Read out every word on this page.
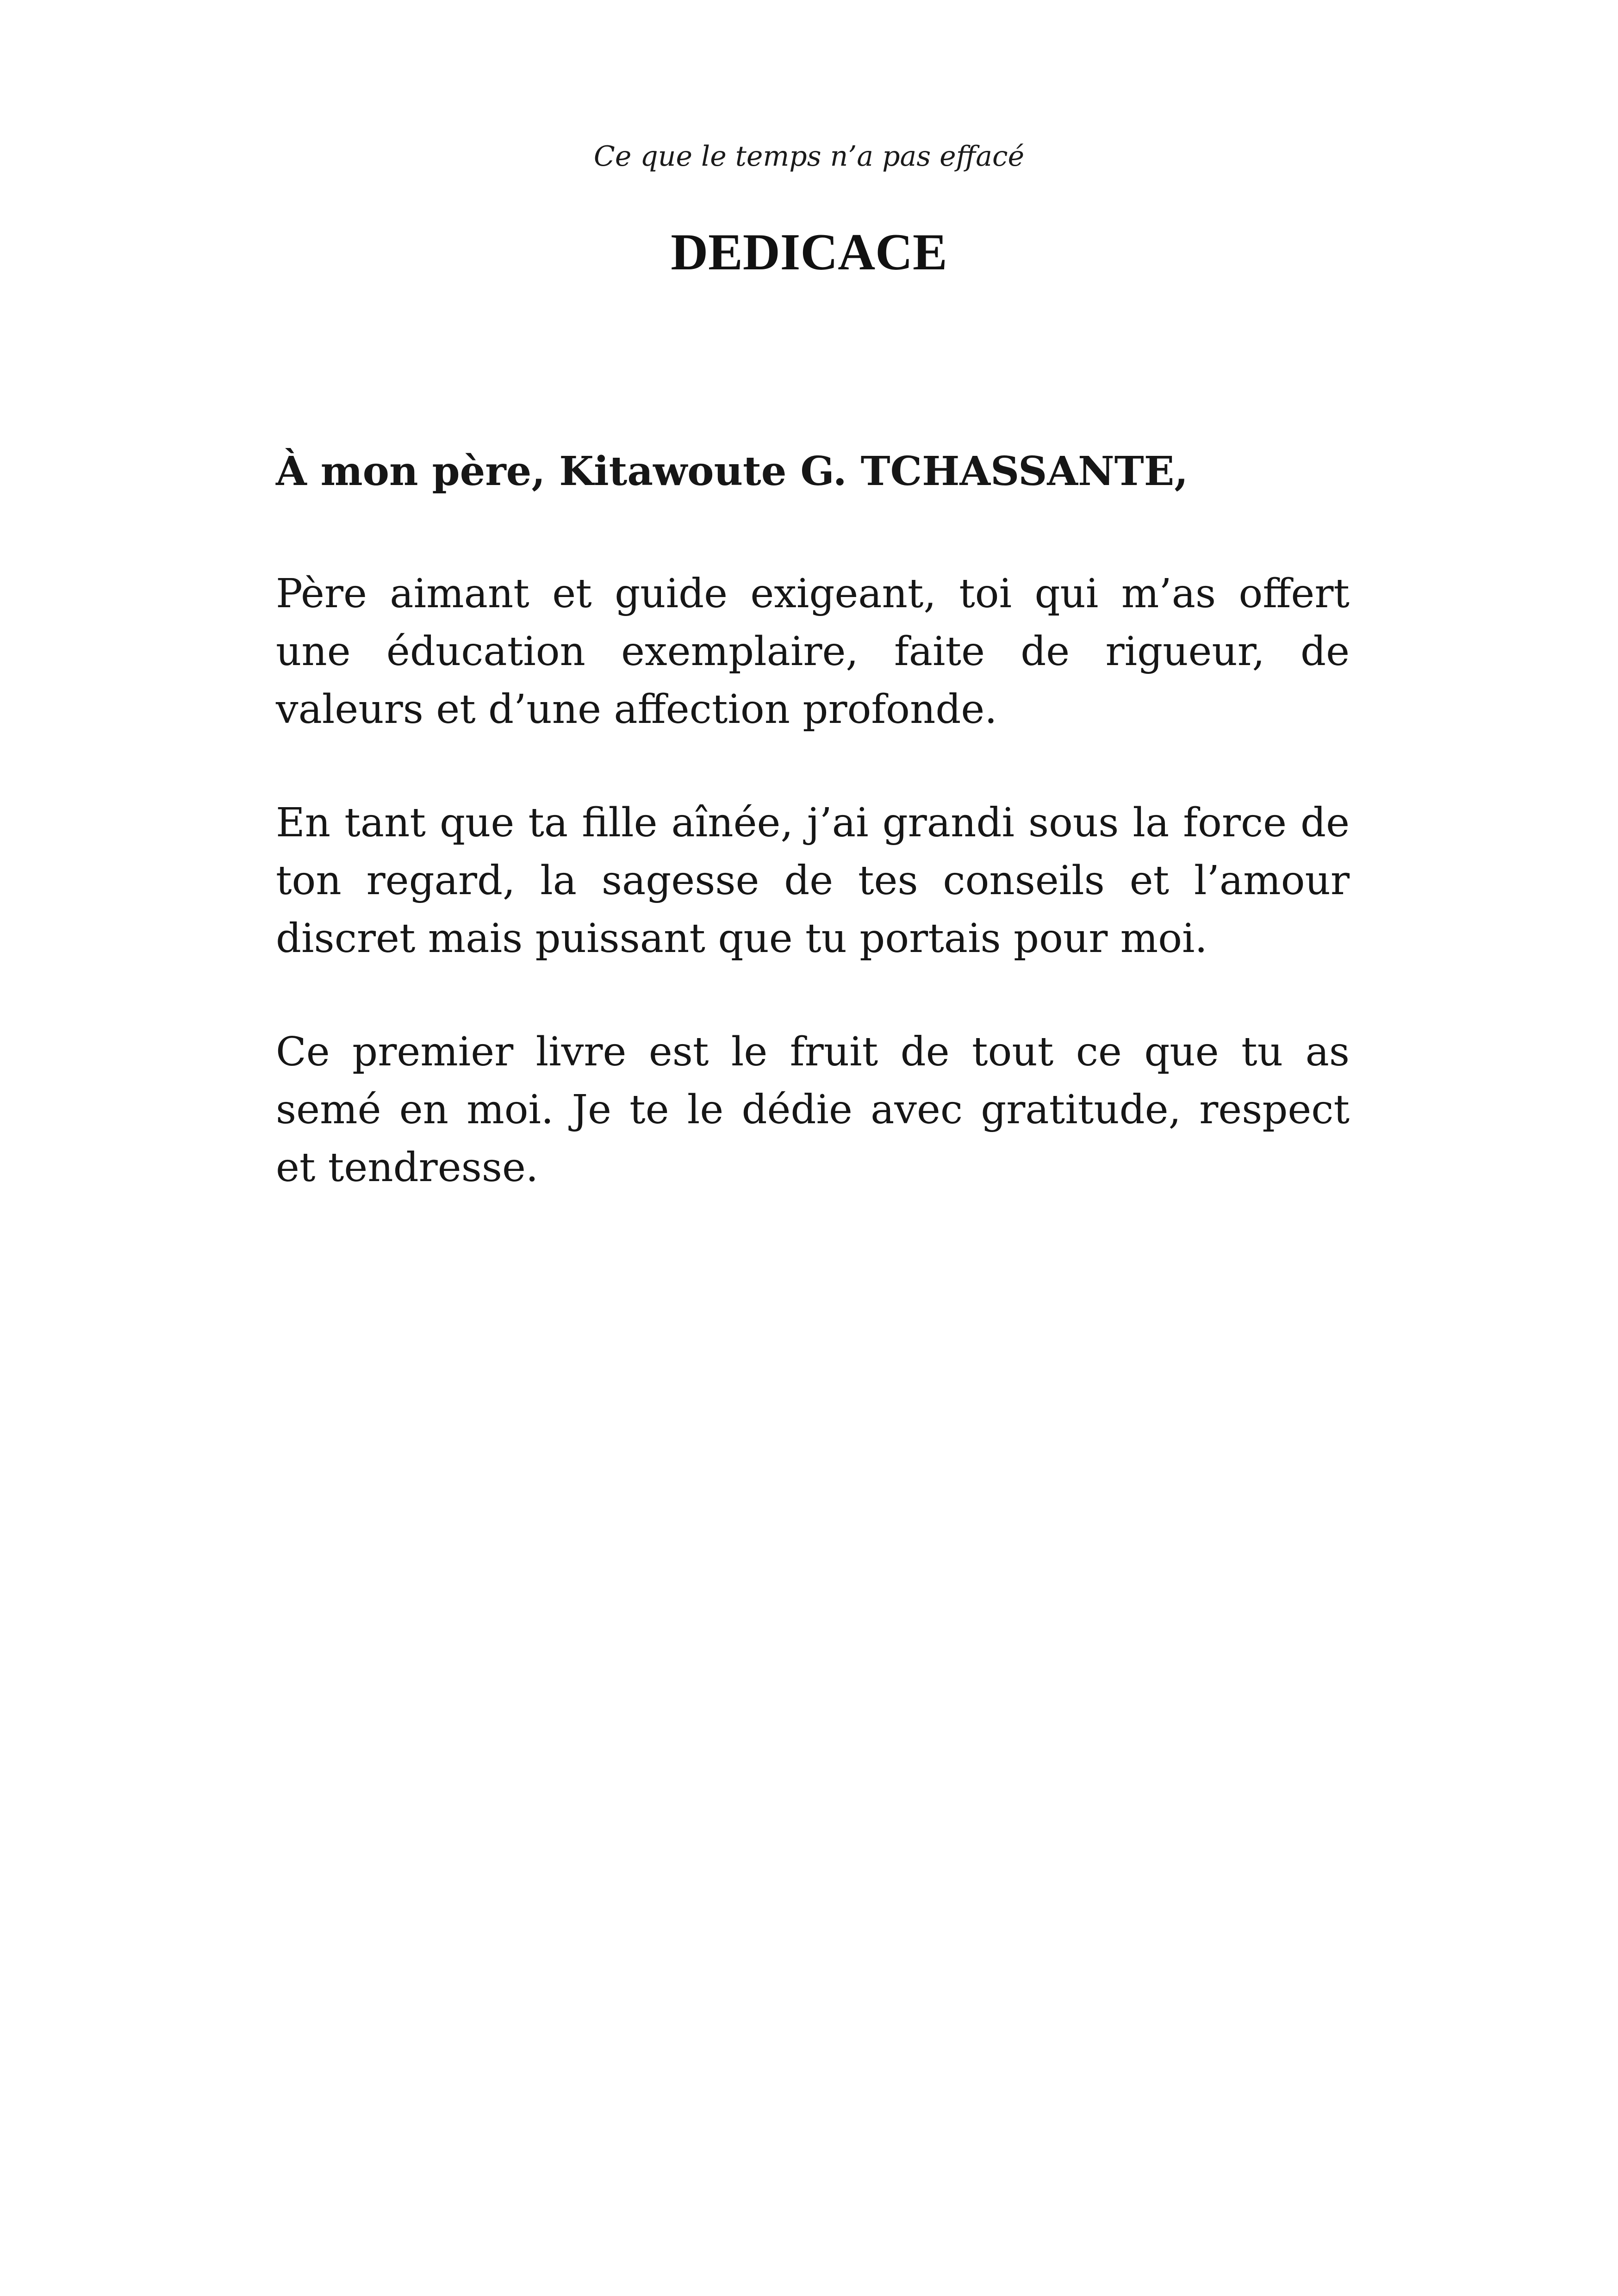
Ce que le temps n’a pas effacé

DEDICACE

À mon père, Kitawoute G. TCHASSANTE,

Père aimant et guide exigeant, toi qui m’as offert une éducation exemplaire, faite de rigueur, de valeurs et d’une affection profonde.

En tant que ta fille aînée, j’ai grandi sous la force de ton regard, la sagesse de tes conseils et l’amour discret mais puissant que tu portais pour moi.

Ce premier livre est le fruit de tout ce que tu as semé en moi. Je te le dédie avec gratitude, respect et tendresse.
